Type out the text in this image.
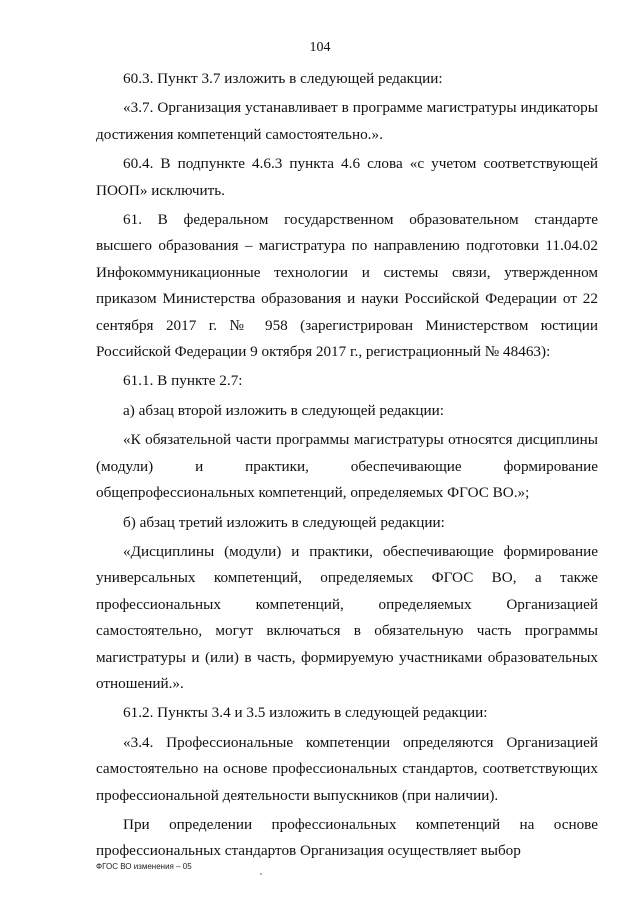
104

60.3. Пункт 3.7 изложить в следующей редакции:

«3.7. Организация устанавливает в программе магистратуры индикаторы достижения компетенций самостоятельно.».

60.4. В подпункте 4.6.3 пункта 4.6 слова «с учетом соответствующей ПООП» исключить.

61. В федеральном государственном образовательном стандарте высшего образования – магистратура по направлению подготовки 11.04.02 Инфокоммуникационные технологии и системы связи, утвержденном приказом Министерства образования и науки Российской Федерации от 22 сентября 2017 г. № 958 (зарегистрирован Министерством юстиции Российской Федерации 9 октября 2017 г., регистрационный № 48463):

61.1. В пункте 2.7:

а) абзац второй изложить в следующей редакции:

«К обязательной части программы магистратуры относятся дисциплины (модули) и практики, обеспечивающие формирование общепрофессиональных компетенций, определяемых ФГОС ВО.»;

б) абзац третий изложить в следующей редакции:

«Дисциплины (модули) и практики, обеспечивающие формирование универсальных компетенций, определяемых ФГОС ВО, а также профессиональных компетенций, определяемых Организацией самостоятельно, могут включаться в обязательную часть программы магистратуры и (или) в часть, формируемую участниками образовательных отношений.».

61.2. Пункты 3.4 и 3.5 изложить в следующей редакции:

«3.4. Профессиональные компетенции определяются Организацией самостоятельно на основе профессиональных стандартов, соответствующих профессиональной деятельности выпускников (при наличии).

При определении профессиональных компетенций на основе профессиональных стандартов Организация осуществляет выбор

ФГОС ВО изменения – 05
